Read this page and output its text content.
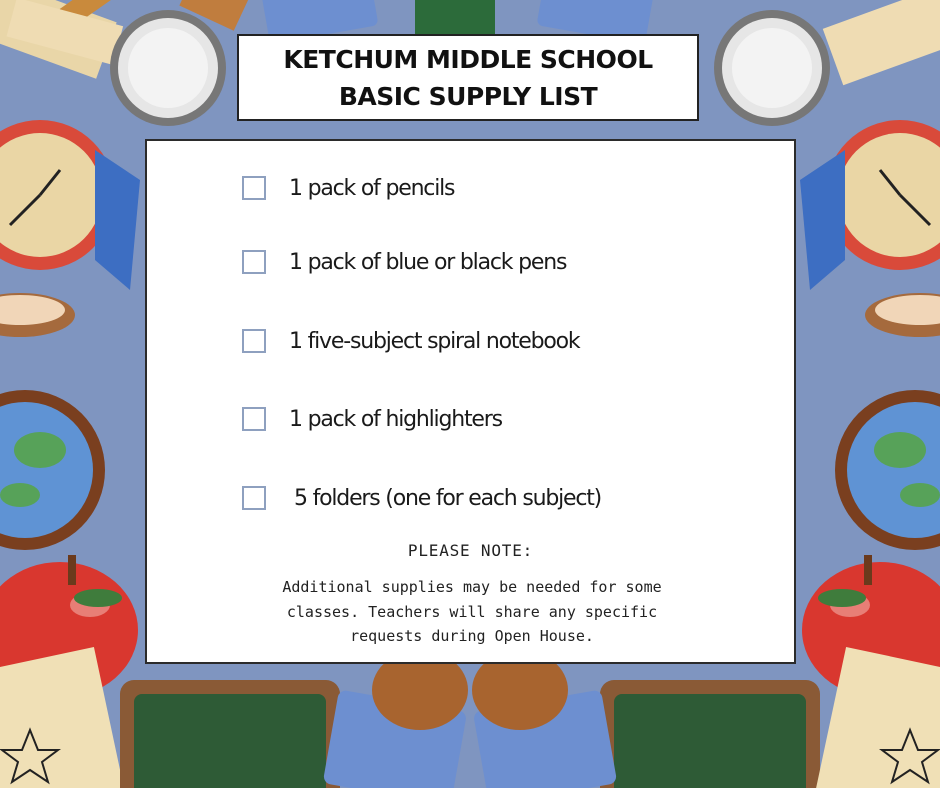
KETCHUM MIDDLE SCHOOL BASIC SUPPLY LIST
1 pack of pencils
1 pack of blue or black pens
1 five-subject spiral notebook
1 pack of highlighters
5 folders (one for each subject)
PLEASE NOTE:
Additional supplies may be needed for some classes. Teachers will share any specific requests during Open House.
